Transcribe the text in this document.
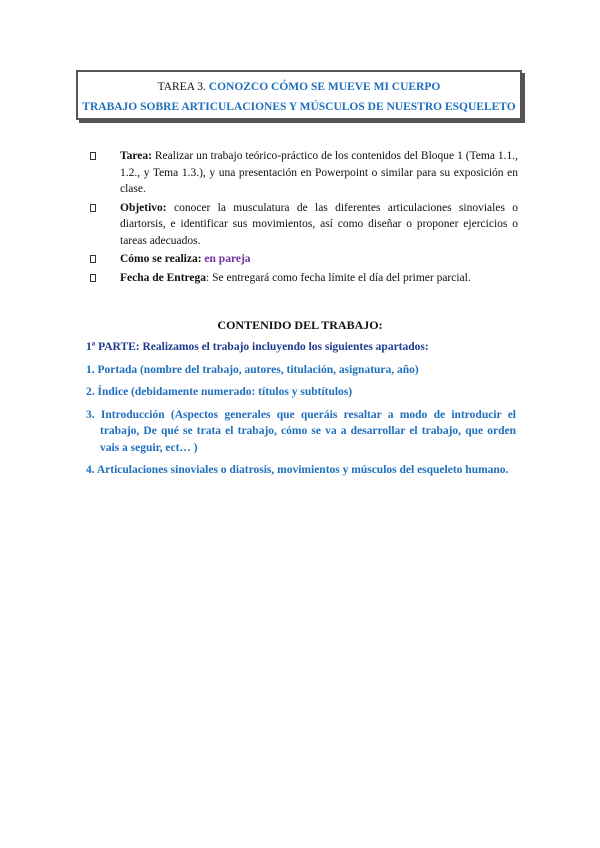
TAREA 3. CONOZCO CÓMO SE MUEVE MI CUERPO
TRABAJO SOBRE ARTICULACIONES Y MÚSCULOS DE NUESTRO ESQUELETO
Tarea: Realizar un trabajo teórico-práctico de los contenidos del Bloque 1 (Tema 1.1., 1.2., y Tema 1.3.), y una presentación en Powerpoint o similar para su exposición en clase.
Objetivo: conocer la musculatura de las diferentes articulaciones sinoviales o diartorsis, e identificar sus movimientos, así como diseñar o proponer ejercicios o tareas adecuados.
Cómo se realiza: en pareja
Fecha de Entrega: Se entregará como fecha límite el día del primer parcial.
CONTENIDO DEL TRABAJO:
1ª PARTE: Realizamos el trabajo incluyendo los siguientes apartados:
1. Portada (nombre del trabajo, autores, titulación, asignatura, año)
2. Índice (debidamente numerado: títulos y subtítulos)
3. Introducción (Aspectos generales que queráis resaltar a modo de introducir el trabajo, De qué se trata el trabajo, cómo se va a desarrollar el trabajo, que orden vais a seguir, ect… )
4. Articulaciones sinoviales o diatrosis, movimientos y músculos del esqueleto humano.
